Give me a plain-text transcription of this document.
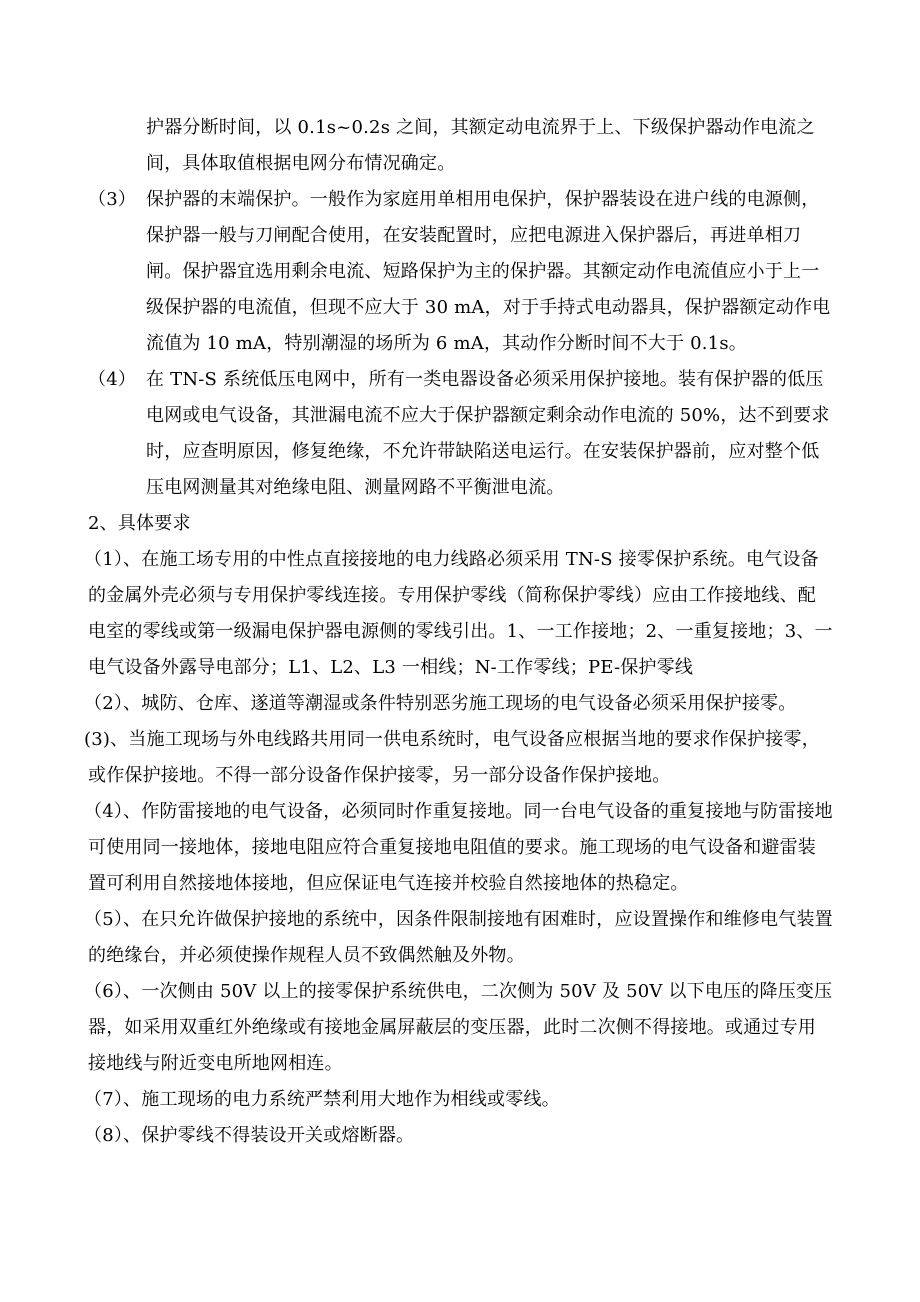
护器分断时间，以 0.1s~0.2s 之间，其额定动电流界于上、下级保护器动作电流之间，具体取值根据电网分布情况确定。
（3） 保护器的末端保护。一般作为家庭用单相用电保护，保护器装设在进户线的电源侧，保护器一般与刀闸配合使用，在安装配置时，应把电源进入保护器后，再进单相刀闸。保护器宜选用剩余电流、短路保护为主的保护器。其额定动作电流值应小于上一级保护器的电流值，但现不应大于 30 mA，对于手持式电动器具，保护器额定动作电流值为 10 mA，特别潮湿的场所为 6 mA，其动作分断时间不大于 0.1s。
（4） 在 TN-S 系统低压电网中，所有一类电器设备必须采用保护接地。装有保护器的低压电网或电气设备，其泄漏电流不应大于保护器额定剩余动作电流的 50%，达不到要求时，应查明原因，修复绝缘，不允许带缺陷送电运行。在安装保护器前，应对整个低压电网测量其对绝缘电阻、测量网路不平衡泄电流。
2、具体要求
（1）、在施工场专用的中性点直接接地的电力线路必须采用 TN-S 接零保护系统。电气设备的金属外壳必须与专用保护零线连接。专用保护零线（简称保护零线）应由工作接地线、配电室的零线或第一级漏电保护器电源侧的零线引出。1、一工作接地；2、一重复接地；3、一电气设备外露导电部分；L1、L2、L3 一相线；N-工作零线；PE-保护零线
（2）、城防、仓库、遂道等潮湿或条件特别恶劣施工现场的电气设备必须采用保护接零。
(3)、当施工现场与外电线路共用同一供电系统时，电气设备应根据当地的要求作保护接零，或作保护接地。不得一部分设备作保护接零，另一部分设备作保护接地。
（4）、作防雷接地的电气设备，必须同时作重复接地。同一台电气设备的重复接地与防雷接地可使用同一接地体，接地电阻应符合重复接地电阻值的要求。施工现场的电气设备和避雷装置可利用自然接地体接地，但应保证电气连接并校验自然接地体的热稳定。
（5）、在只允许做保护接地的系统中，因条件限制接地有困难时，应设置操作和维修电气装置的绝缘台，并必须使操作规程人员不致偶然触及外物。
（6）、一次侧由 50V 以上的接零保护系统供电，二次侧为 50V 及 50V 以下电压的降压变压器，如采用双重红外绝缘或有接地金属屏蔽层的变压器，此时二次侧不得接地。或通过专用接地线与附近变电所地网相连。
（7）、施工现场的电力系统严禁利用大地作为相线或零线。
（8）、保护零线不得装设开关或熔断器。
